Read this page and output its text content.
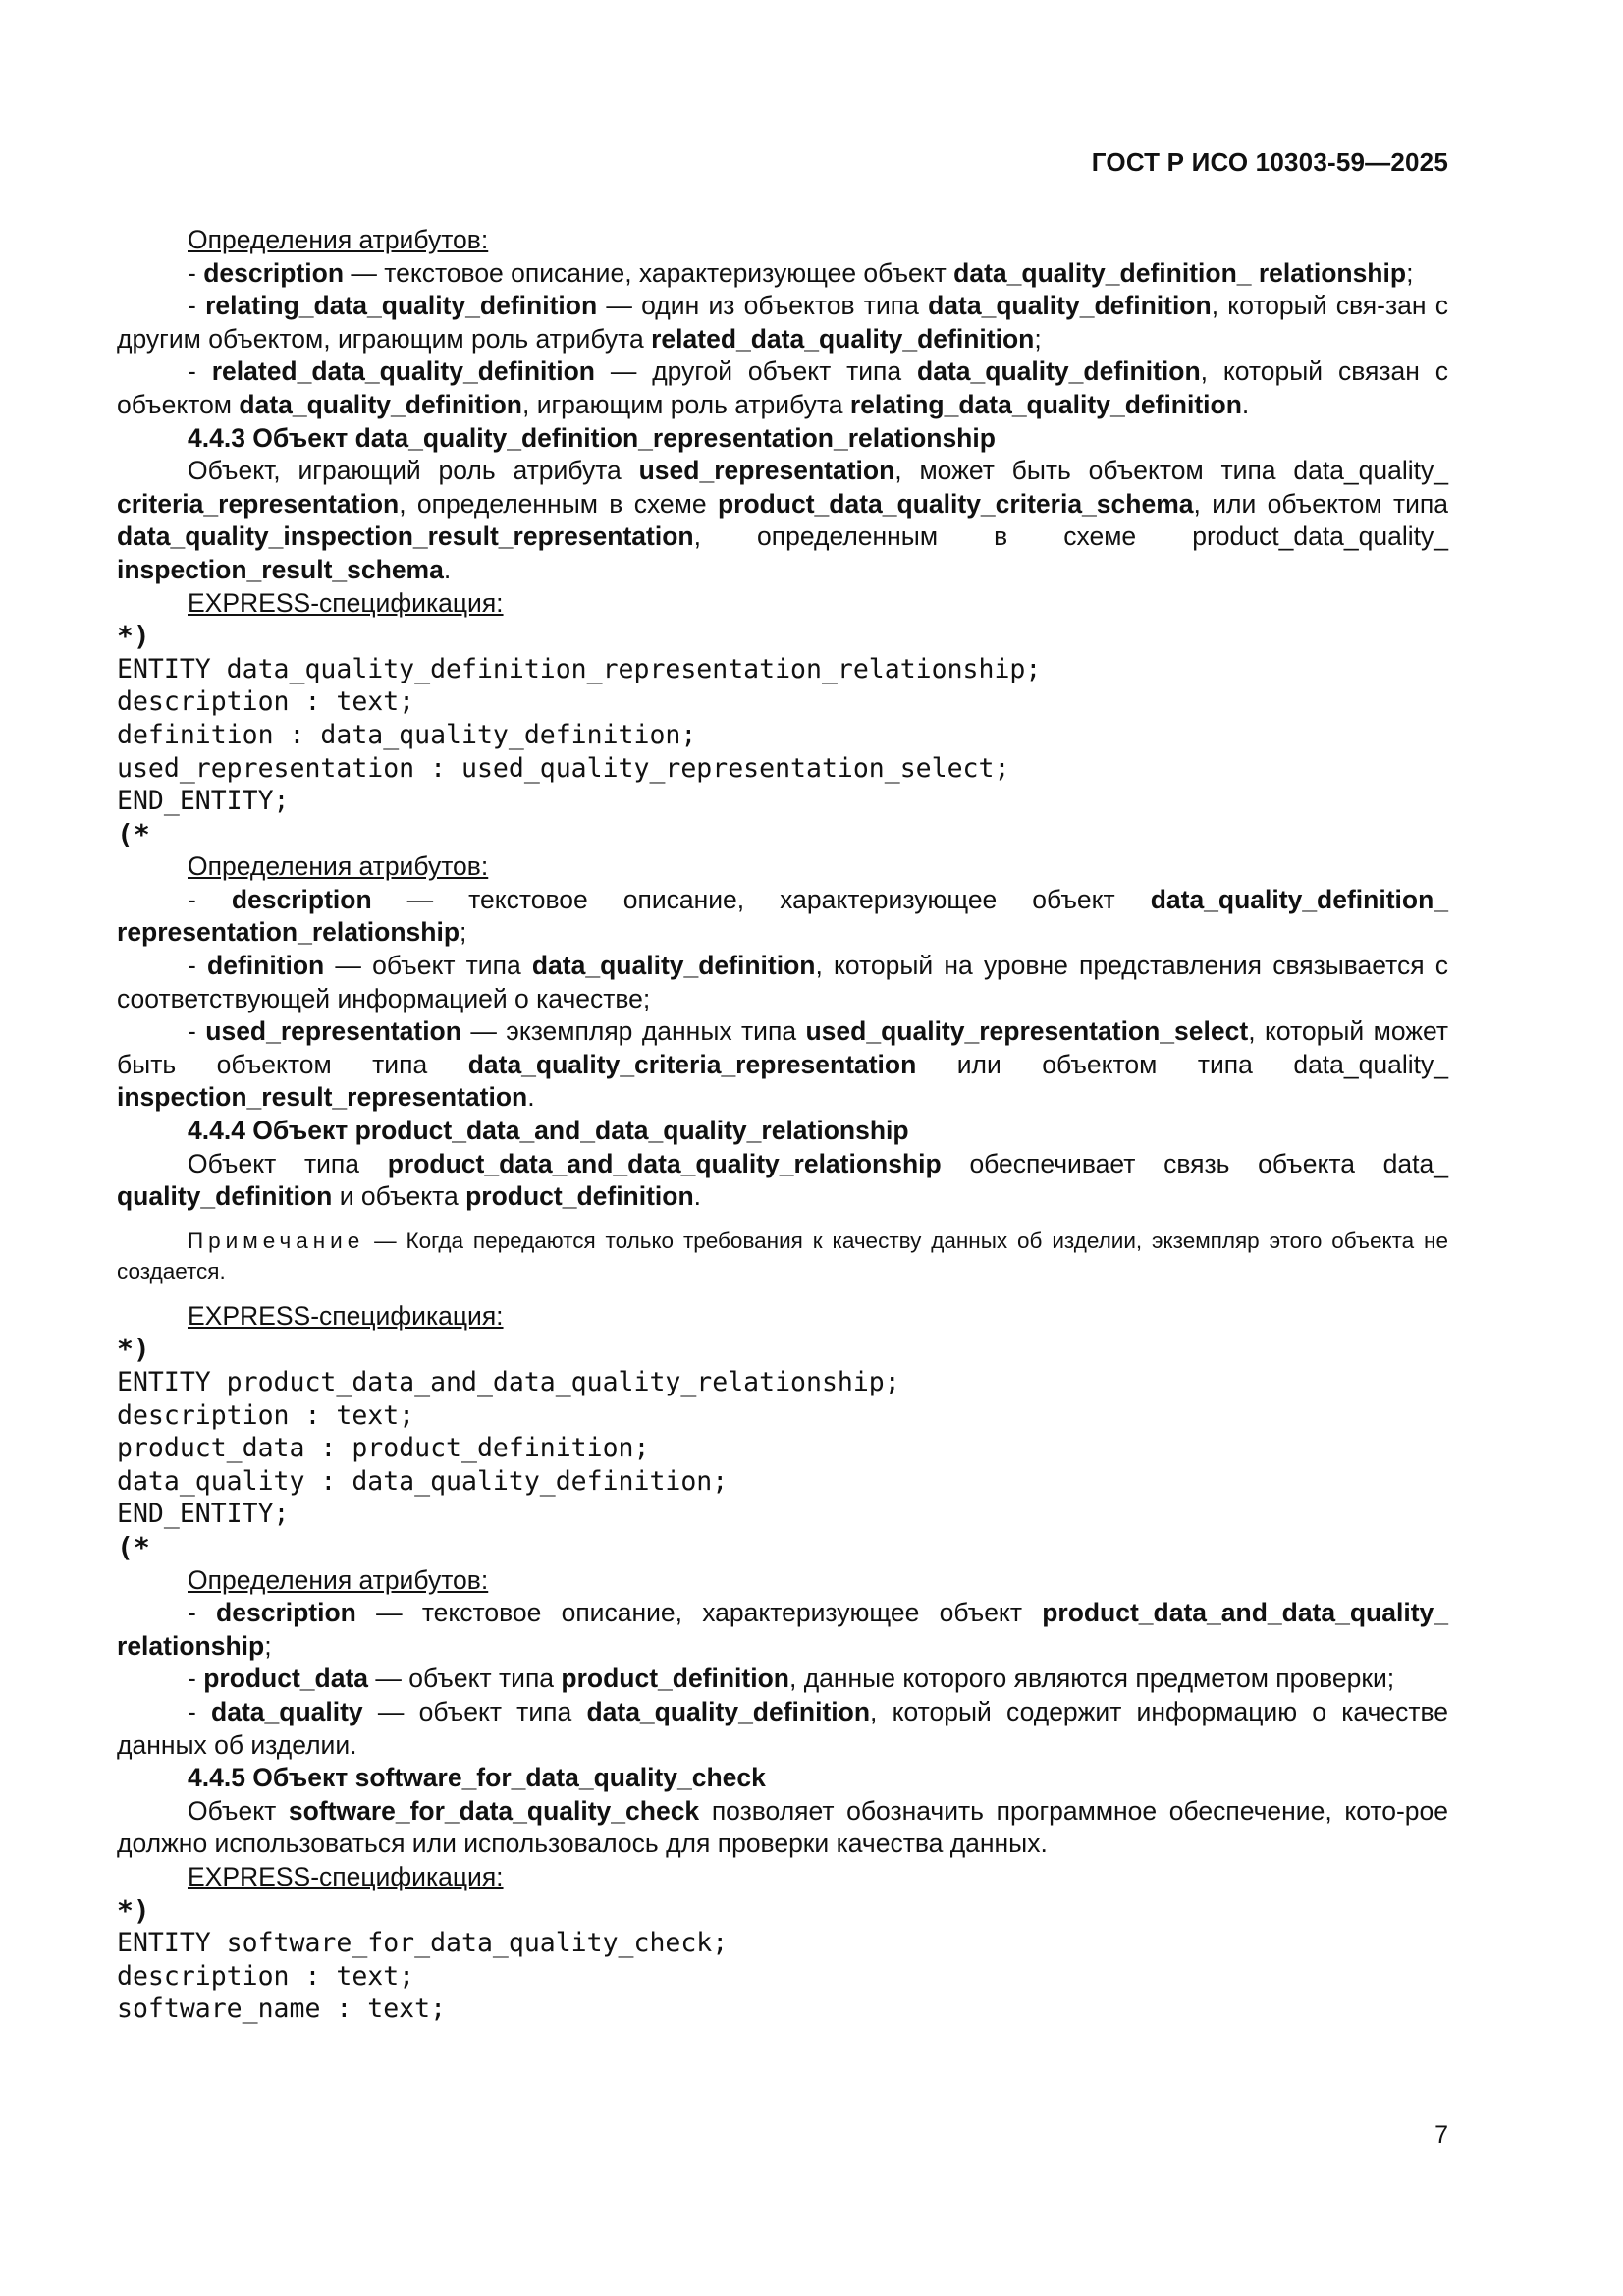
ГОСТ Р ИСО 10303-59—2025
Определения атрибутов:
- description — текстовое описание, характеризующее объект data_quality_definition_ relationship;
- relating_data_quality_definition — один из объектов типа data_quality_definition, который свя-зан с другим объектом, играющим роль атрибута related_data_quality_definition;
- related_data_quality_definition — другой объект типа data_quality_definition, который связан с объектом data_quality_definition, играющим роль атрибута relating_data_quality_definition.
4.4.3 Объект data_quality_definition_representation_relationship
Объект, играющий роль атрибута used_representation, может быть объектом типа data_quality_ criteria_representation, определенным в схеме product_data_quality_criteria_schema, или объектом типа data_quality_inspection_result_representation, определенным в схеме product_data_quality_ inspection_result_schema.
EXPRESS-спецификация:
*)
ENTITY data_quality_definition_representation_relationship;
description : text;
definition : data_quality_definition;
used_representation : used_quality_representation_select;
END_ENTITY;
(*
Определения атрибутов:
- description — текстовое описание, характеризующее объект data_quality_definition_ representation_relationship;
- definition — объект типа data_quality_definition, который на уровне представления связывается с соответствующей информацией о качестве;
- used_representation — экземпляр данных типа used_quality_representation_select, который может быть объектом типа data_quality_criteria_representation или объектом типа data_quality_ inspection_result_representation.
4.4.4 Объект product_data_and_data_quality_relationship
Объект типа product_data_and_data_quality_relationship обеспечивает связь объекта data_ quality_definition и объекта product_definition.
Примечание — Когда передаются только требования к качеству данных об изделии, экземпляр этого объекта не создается.
EXPRESS-спецификация:
*)
ENTITY product_data_and_data_quality_relationship;
description : text;
product_data : product_definition;
data_quality : data_quality_definition;
END_ENTITY;
(*
Определения атрибутов:
- description — текстовое описание, характеризующее объект product_data_and_data_quality_ relationship;
- product_data — объект типа product_definition, данные которого являются предметом проверки;
- data_quality — объект типа data_quality_definition, который содержит информацию о качестве данных об изделии.
4.4.5 Объект software_for_data_quality_check
Объект software_for_data_quality_check позволяет обозначить программное обеспечение, кото-рое должно использоваться или использовалось для проверки качества данных.
EXPRESS-спецификация:
*)
ENTITY software_for_data_quality_check;
description : text;
software_name : text;
7
